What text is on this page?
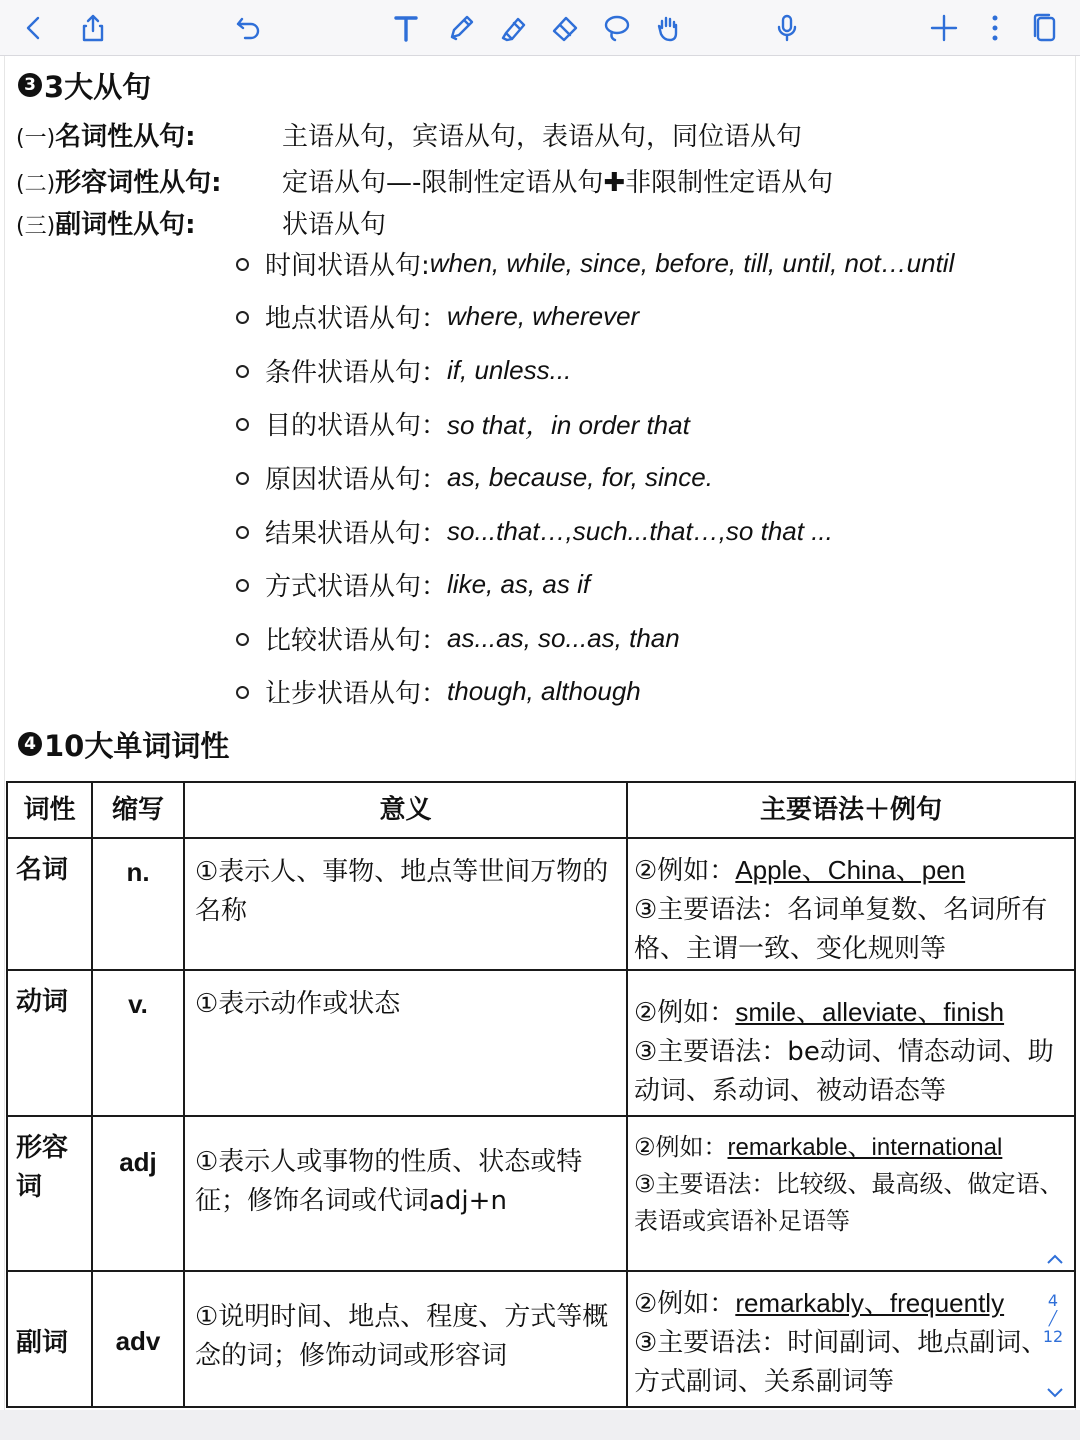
3 3大从句
(一)名词性从句:	主语从句，宾语从句，表语从句，同位语从句
(二)形容词性从句:	定语从句—-限制性定语从句✚非限制性定语从句
(三)副词性从句:	状语从句
时间状语从句: when, while, since, before, till, until, not…until
地点状语从句： where, wherever
条件状语从句： if, unless...
目的状语从句： so that，in order that
原因状语从句： as, because, for, since.
结果状语从句： so...that…,such...that…,so that ...
方式状语从句： like, as, as if
比较状语从句： as...as, so...as, than
让步状语从句： though, although
4 10大单词词性
词性	缩写	意义	主要语法＋例句
名词	n.	①表示人、事物、地点等世间万物的名称	②例如：Apple、China、pen
③主要语法：名词单复数、名词所有格、主谓一致、变化规则等

动词	v.	①表示动作或状态	②例如：smile、alleviate、finish
③主要语法：be动词、情态动词、助动词、系动词、被动语态等

形容词	adj	①表示人或事物的性质、状态或特征；修饰名词或代词adj+n	②例如：remarkable、international
③主要语法：比较级、最高级、做定语、表语或宾语补足语等

副词	adv	①说明时间、地点、程度、方式等概念的词；修饰动词或形容词	②例如：remarkably、frequently
③主要语法：时间副词、地点副词、方式副词、关系副词等
4
╱
12
